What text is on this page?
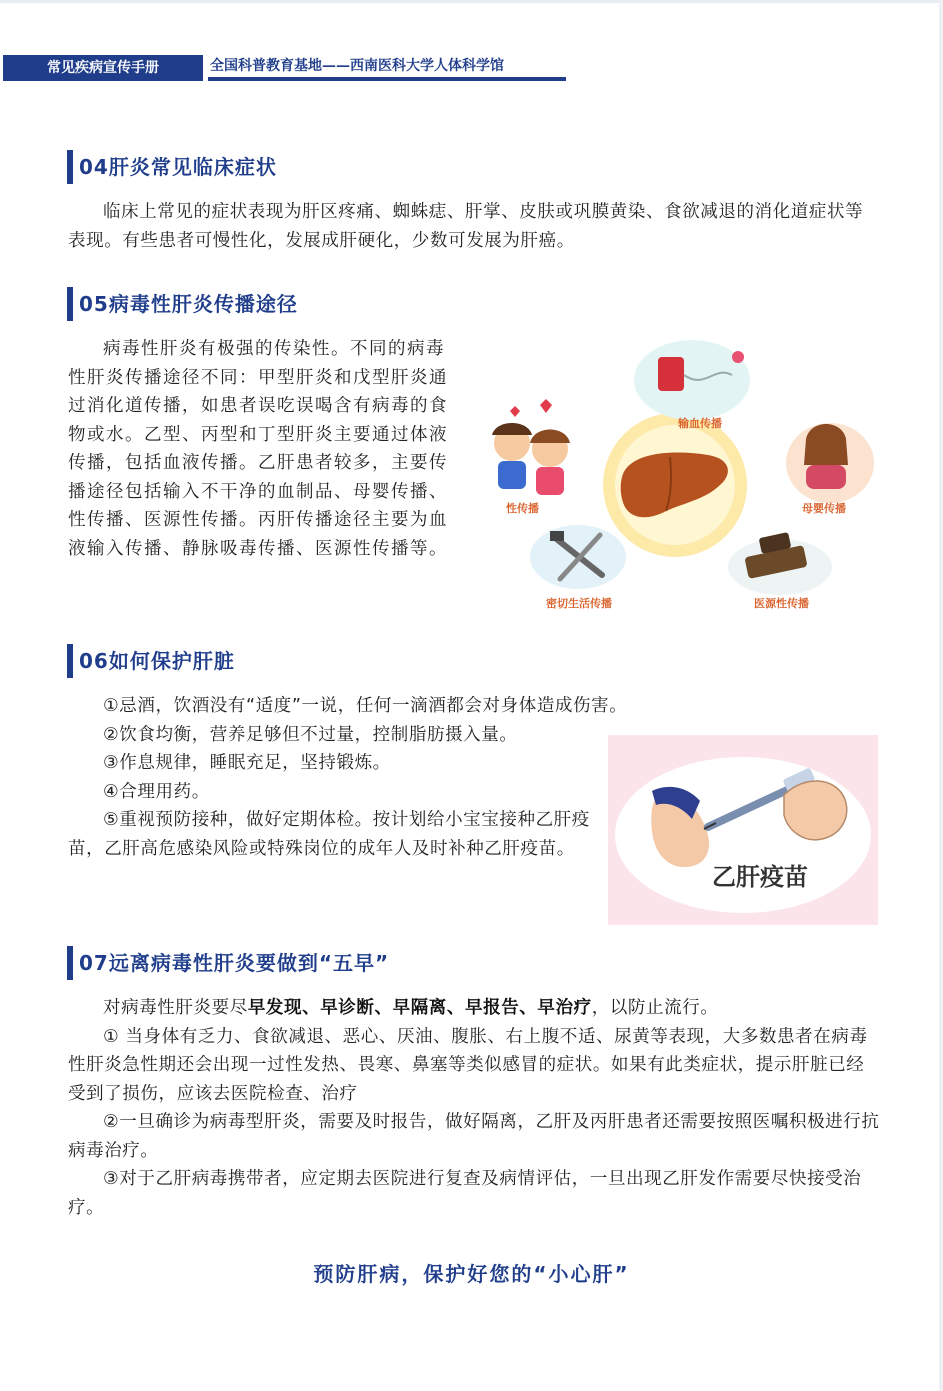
常见疾病宣传手册	全国科普教育基地——西南医科大学人体科学馆
04肝炎常见临床症状

临床上常见的症状表现为肝区疼痛、蜘蛛痣、肝掌、皮肤或巩膜黄染、食欲减退的消化道症状等表现。有些患者可慢性化，发展成肝硬化，少数可发展为肝癌。

05病毒性肝炎传播途径

病毒性肝炎有极强的传染性。不同的病毒性肝炎传播途径不同：甲型肝炎和戊型肝炎通过消化道传播，如患者误吃误喝含有病毒的食物或水。乙型、丙型和丁型肝炎主要通过体液传播，包括血液传播。乙肝患者较多，主要传播途径包括输入不干净的血制品、母婴传播、性传播、医源性传播。丙肝传播途径主要为血液输入传播、静脉吸毒传播、医源性传播等。

输血传播
性传播	母婴传播
密切生活传播	医源性传播
06如何保护肝脏

①忌酒，饮酒没有“适度”一说，任何一滴酒都会对身体造成伤害。

②饮食均衡，营养足够但不过量，控制脂肪摄入量。

③作息规律，睡眠充足，坚持锻炼。

④合理用药。

⑤重视预防接种，做好定期体检。按计划给小宝宝接种乙肝疫苗，乙肝高危感染风险或特殊岗位的成年人及时补种乙肝疫苗。

乙肝疫苗
07远离病毒性肝炎要做到“五早”

对病毒性肝炎要尽早发现、早诊断、早隔离、早报告、早治疗，以防止流行。

① 当身体有乏力、食欲减退、恶心、厌油、腹胀、右上腹不适、尿黄等表现，大多数患者在病毒性肝炎急性期还会出现一过性发热、畏寒、鼻塞等类似感冒的症状。如果有此类症状，提示肝脏已经受到了损伤，应该去医院检查、治疗

②一旦确诊为病毒型肝炎，需要及时报告，做好隔离，乙肝及丙肝患者还需要按照医嘱积极进行抗病毒治疗。

③对于乙肝病毒携带者，应定期去医院进行复查及病情评估，一旦出现乙肝发作需要尽快接受治疗。

预防肝病，保护好您的“小心肝”
